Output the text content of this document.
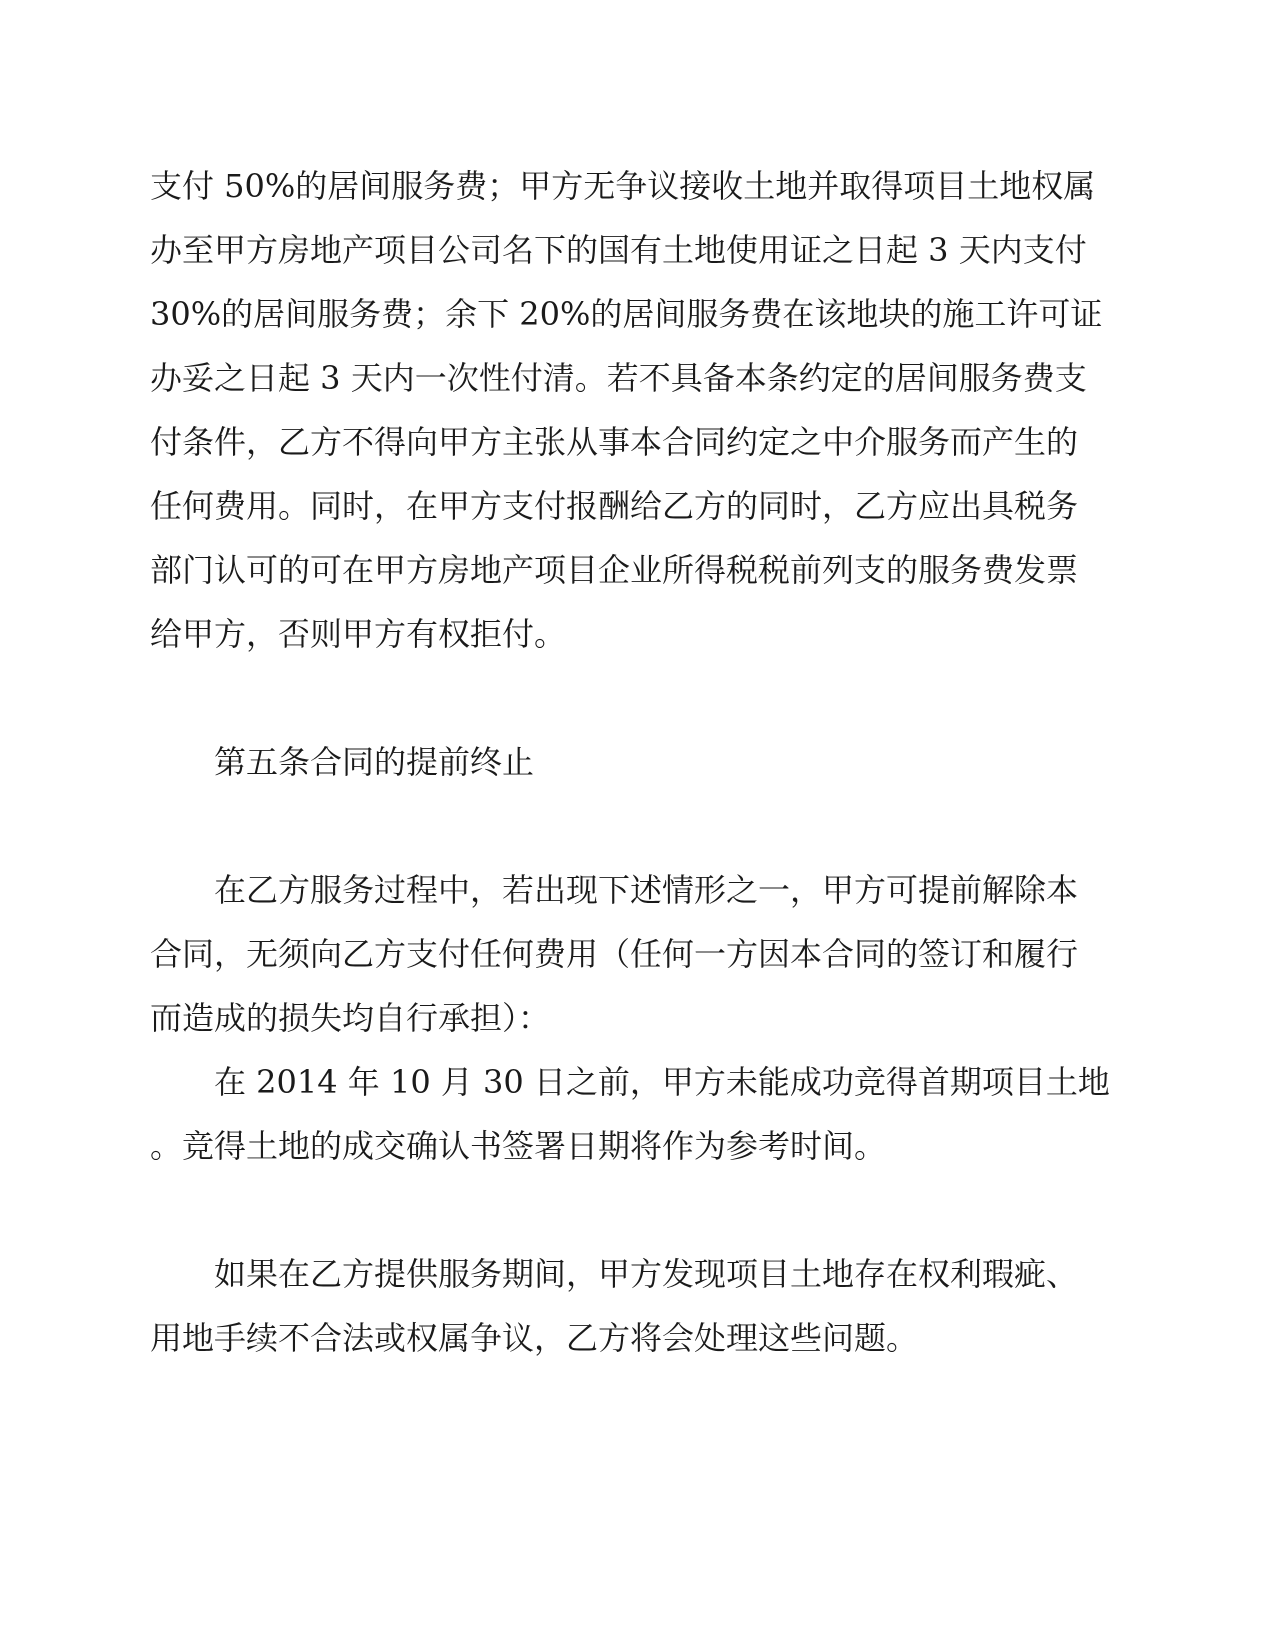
支付 50%的居间服务费；甲方无争议接收土地并取得项目土地权属
办至甲方房地产项目公司名下的国有土地使用证之日起 3 天内支付
30%的居间服务费；余下 20%的居间服务费在该地块的施工许可证
办妥之日起 3 天内一次性付清。若不具备本条约定的居间服务费支
付条件，乙方不得向甲方主张从事本合同约定之中介服务而产生的
任何费用。同时，在甲方支付报酬给乙方的同时，乙方应出具税务
部门认可的可在甲方房地产项目企业所得税税前列支的服务费发票
给甲方，否则甲方有权拒付。
第五条合同的提前终止
在乙方服务过程中，若出现下述情形之一，甲方可提前解除本
合同，无须向乙方支付任何费用（任何一方因本合同的签订和履行
而造成的损失均自行承担）：
在 2014 年 10 月 30 日之前，甲方未能成功竞得首期项目土地
。竞得土地的成交确认书签署日期将作为参考时间。
如果在乙方提供服务期间，甲方发现项目土地存在权利瑕疵、
用地手续不合法或权属争议，乙方将会处理这些问题。
